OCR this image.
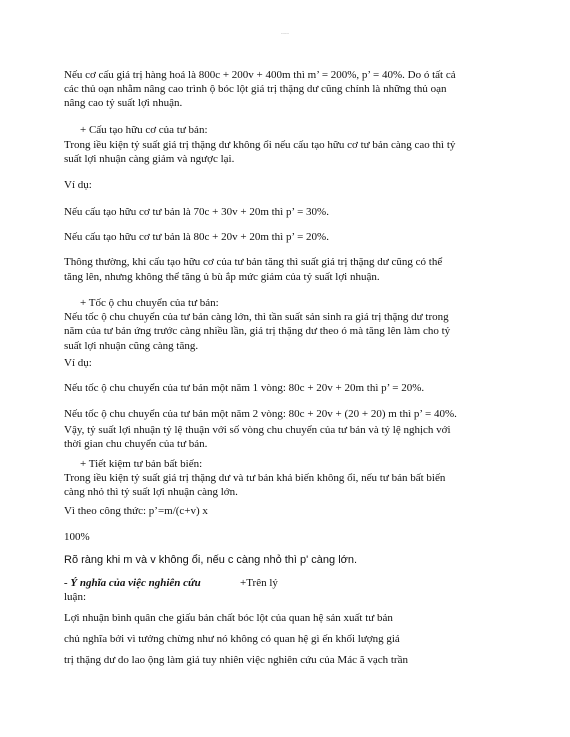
------

Nếu cơ cấu giá trị hàng hoá là 800c + 200v + 400m thì m’ = 200%, p’ = 40%. Do ó tất cả

các thủ oạn nhằm nâng cao trình ộ bóc lột giá trị thặng dư cũng chính là những thủ oạn

nâng cao tỷ suất lợi nhuận.

+ Cấu tạo hữu cơ của tư bản:

Trong iều kiện tỷ suất giá trị thặng dư không ổi nếu cấu tạo hữu cơ tư bản càng cao thì tỷ

suất lợi nhuận càng giảm và ngược lại.

Ví dụ:

Nếu cấu tạo hữu cơ tư bản là 70c + 30v + 20m thì p’ = 30%.

Nếu cấu tạo hữu cơ tư bản là 80c + 20v + 20m thì p’ = 20%.

Thông thường, khi cấu tạo hữu cơ của tư bản tăng thì suất giá trị thặng dư cũng có thể

tăng lên, nhưng không thể tăng ủ bù ắp mức giảm của tỷ suất lợi nhuận.

+ Tốc ộ chu chuyển của tư bản:

Nếu tốc ộ chu chuyển của tư bản càng lớn, thì tần suất sản sinh ra giá trị thặng dư trong

năm của tư bản ứng trước càng nhiều lần, giá trị thặng dư theo ó mà tăng lên làm cho tỷ

suất lợi nhuận cũng càng tăng.

Ví dụ:

Nếu tốc ộ chu chuyển của tư bản một năm 1 vòng: 80c + 20v + 20m thì p’ = 20%.

Nếu tốc ộ chu chuyển của tư bản một năm 2 vòng: 80c + 20v + (20 + 20) m thì p’ = 40%.

Vậy, tỷ suất lợi nhuận tỷ lệ thuận với số vòng chu chuyển của tư bản và tỷ lệ nghịch với

thời gian chu chuyển của tư bản.

+ Tiết kiệm tư bản bất biến:

Trong iều kiện tỷ suất giá trị thặng dư và tư bản khả biến không ổi, nếu tư bản bất biến

càng nhỏ thì tỷ suất lợi nhuận càng lớn.

Vì theo công thức: p’=m/(c+v) x

100%

Rõ ràng khi m và v không ổi, nếu c càng nhỏ thì p' càng lớn.

- Ý nghĩa của việc nghiên cứu	+Trên lý

luận:

Lợi nhuận bình quân che giấu bản chất bóc lột của quan hệ sản xuất tư bản

chủ nghĩa bởi vì tưởng chừng như nó không có quan hệ gì ến khối lượng giá

trị thặng dư do lao ộng làm giả tuy nhiên việc nghiên cứu của Mác ã vạch trần
